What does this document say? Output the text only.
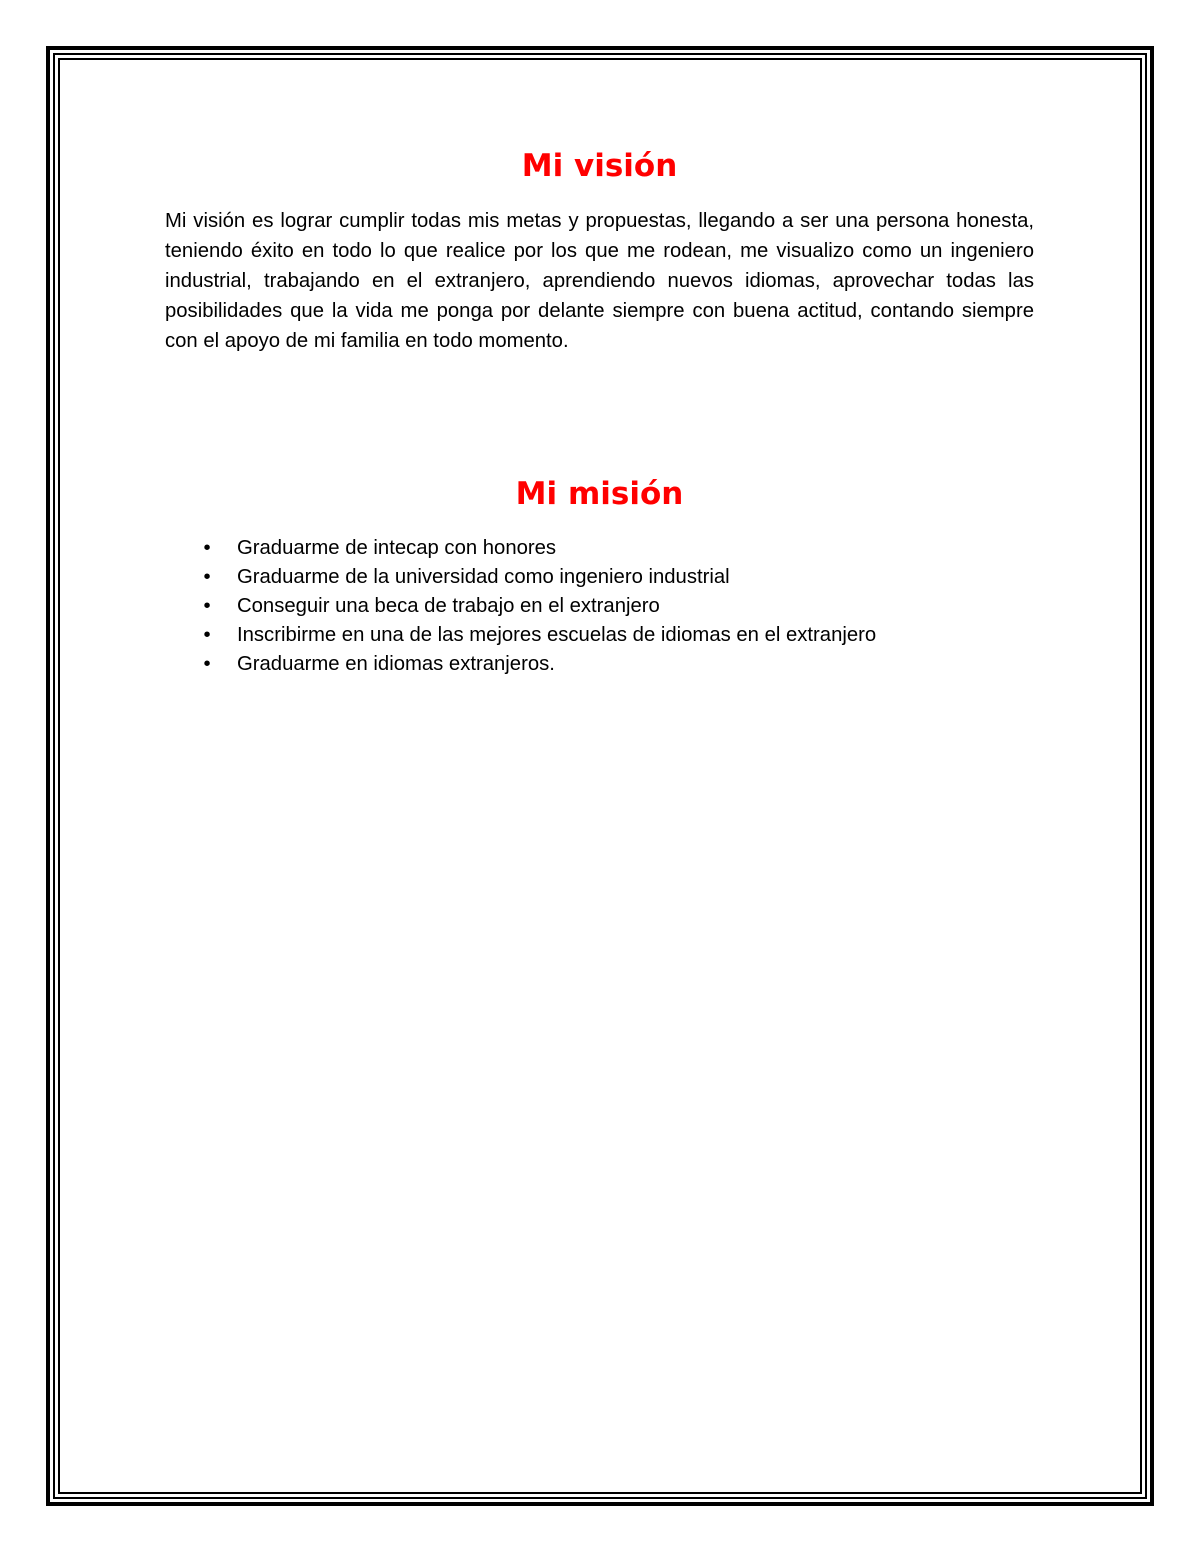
Mi visión

Mi visión es lograr cumplir todas mis metas y propuestas, llegando a ser una persona honesta, teniendo éxito en todo lo que realice por los que me rodean, me visualizo como un ingeniero industrial, trabajando en el extranjero, aprendiendo nuevos idiomas, aprovechar todas las posibilidades que la vida me ponga por delante siempre con buena actitud, contando siempre con el apoyo de mi familia en todo momento.

Mi misión
• Graduarme de intecap con honores
• Graduarme de la universidad como ingeniero industrial
• Conseguir una beca de trabajo en el extranjero
• Inscribirme en una de las mejores escuelas de idiomas en el extranjero
• Graduarme en idiomas extranjeros.
